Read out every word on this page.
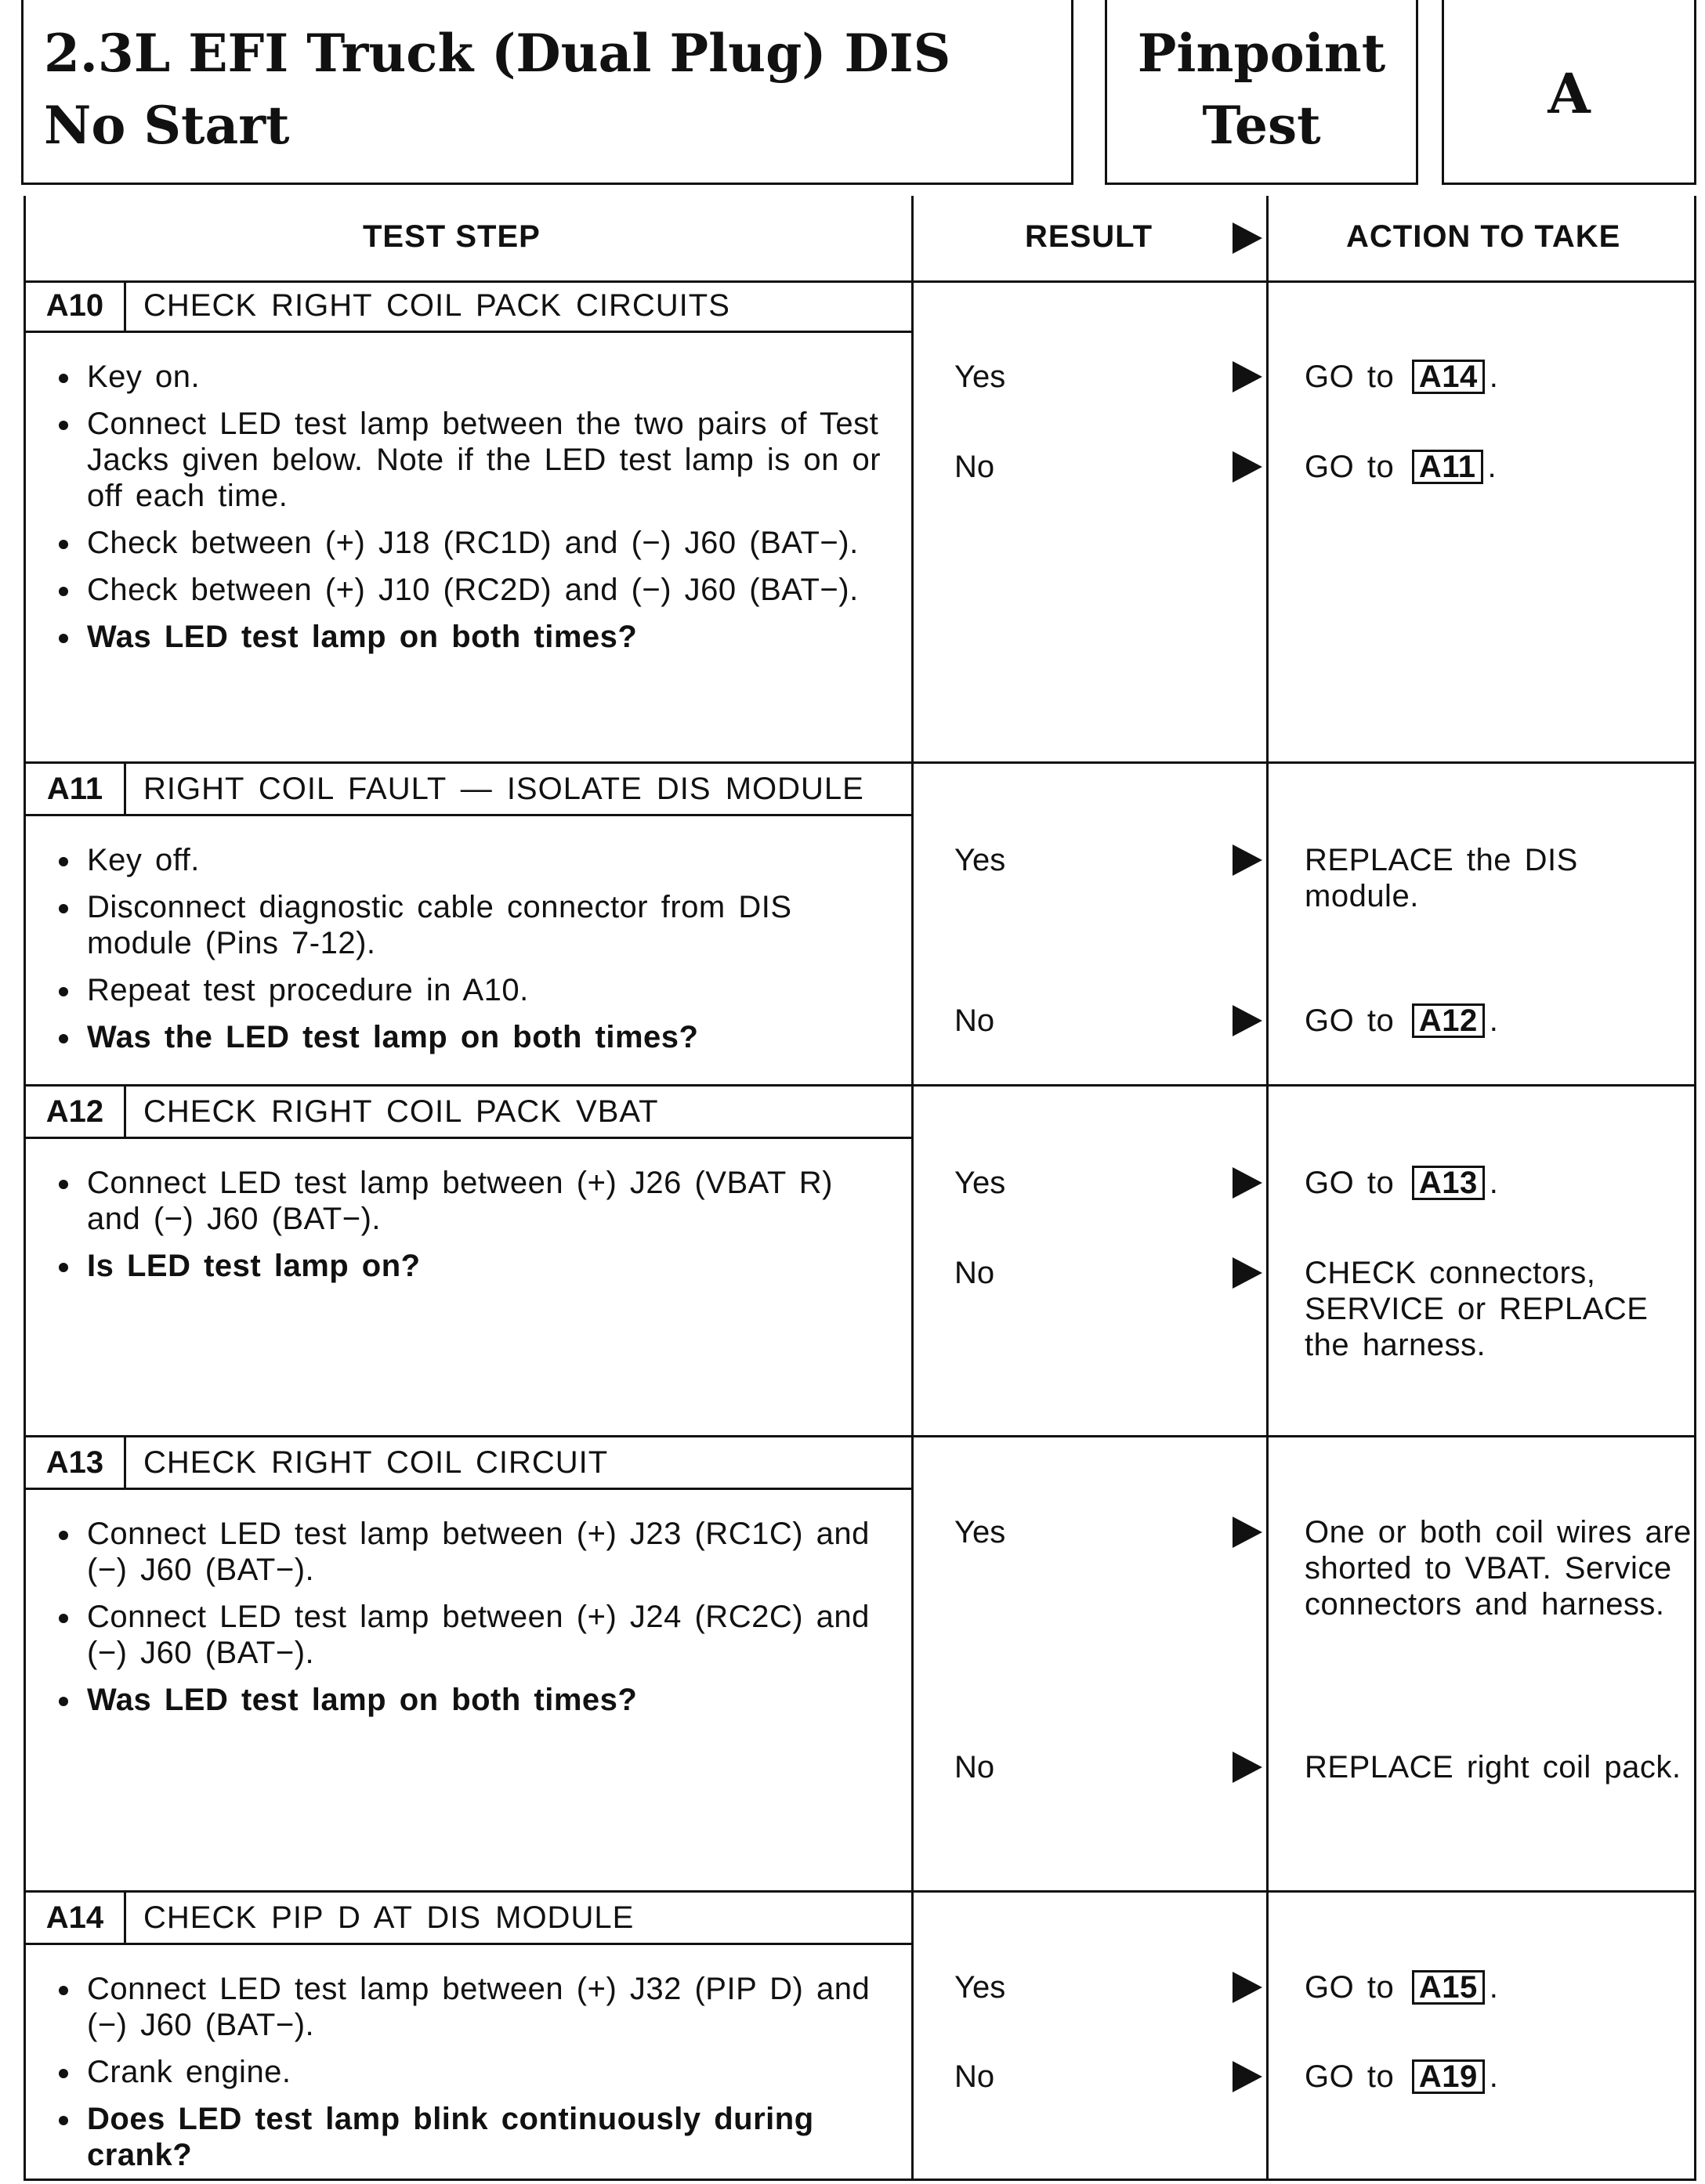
2.3L EFI Truck (Dual Plug) DIS
No Start
Pinpoint
Test	A
TEST STEP	RESULT	ACTION TO TAKE
A10 CHECK RIGHT COIL PACK CIRCUITS
Key on.
Connect LED test lamp between the two pairs of Test Jacks given below. Note if the LED test lamp is on or off each time.
Check between (+) J18 (RC1D) and (−) J60 (BAT−).
Check between (+) J10 (RC2D) and (−) J60 (BAT−).
Was LED test lamp on both times?
Yes	GO to A14 .
No	GO to A11 .
A11 RIGHT COIL FAULT — ISOLATE DIS MODULE
Key off.
Disconnect diagnostic cable connector from DIS module (Pins 7-12).
Repeat test procedure in A10.
Was the LED test lamp on both times?
Yes	REPLACE the DIS module.
No	GO to A12 .
A12 CHECK RIGHT COIL PACK VBAT
Connect LED test lamp between (+) J26 (VBAT R) and (−) J60 (BAT−).
Is LED test lamp on?
Yes	GO to A13 .
No	CHECK connectors, SERVICE or REPLACE the harness.
A13 CHECK RIGHT COIL CIRCUIT
Connect LED test lamp between (+) J23 (RC1C) and (−) J60 (BAT−).
Connect LED test lamp between (+) J24 (RC2C) and (−) J60 (BAT−).
Was LED test lamp on both times?
Yes	One or both coil wires are shorted to VBAT. Service connectors and harness.
No	REPLACE right coil pack.
A14 CHECK PIP D AT DIS MODULE
Connect LED test lamp between (+) J32 (PIP D) and (−) J60 (BAT−).
Crank engine.
Does LED test lamp blink continuously during crank?
Yes	GO to A15 .
No	GO to A19 .
